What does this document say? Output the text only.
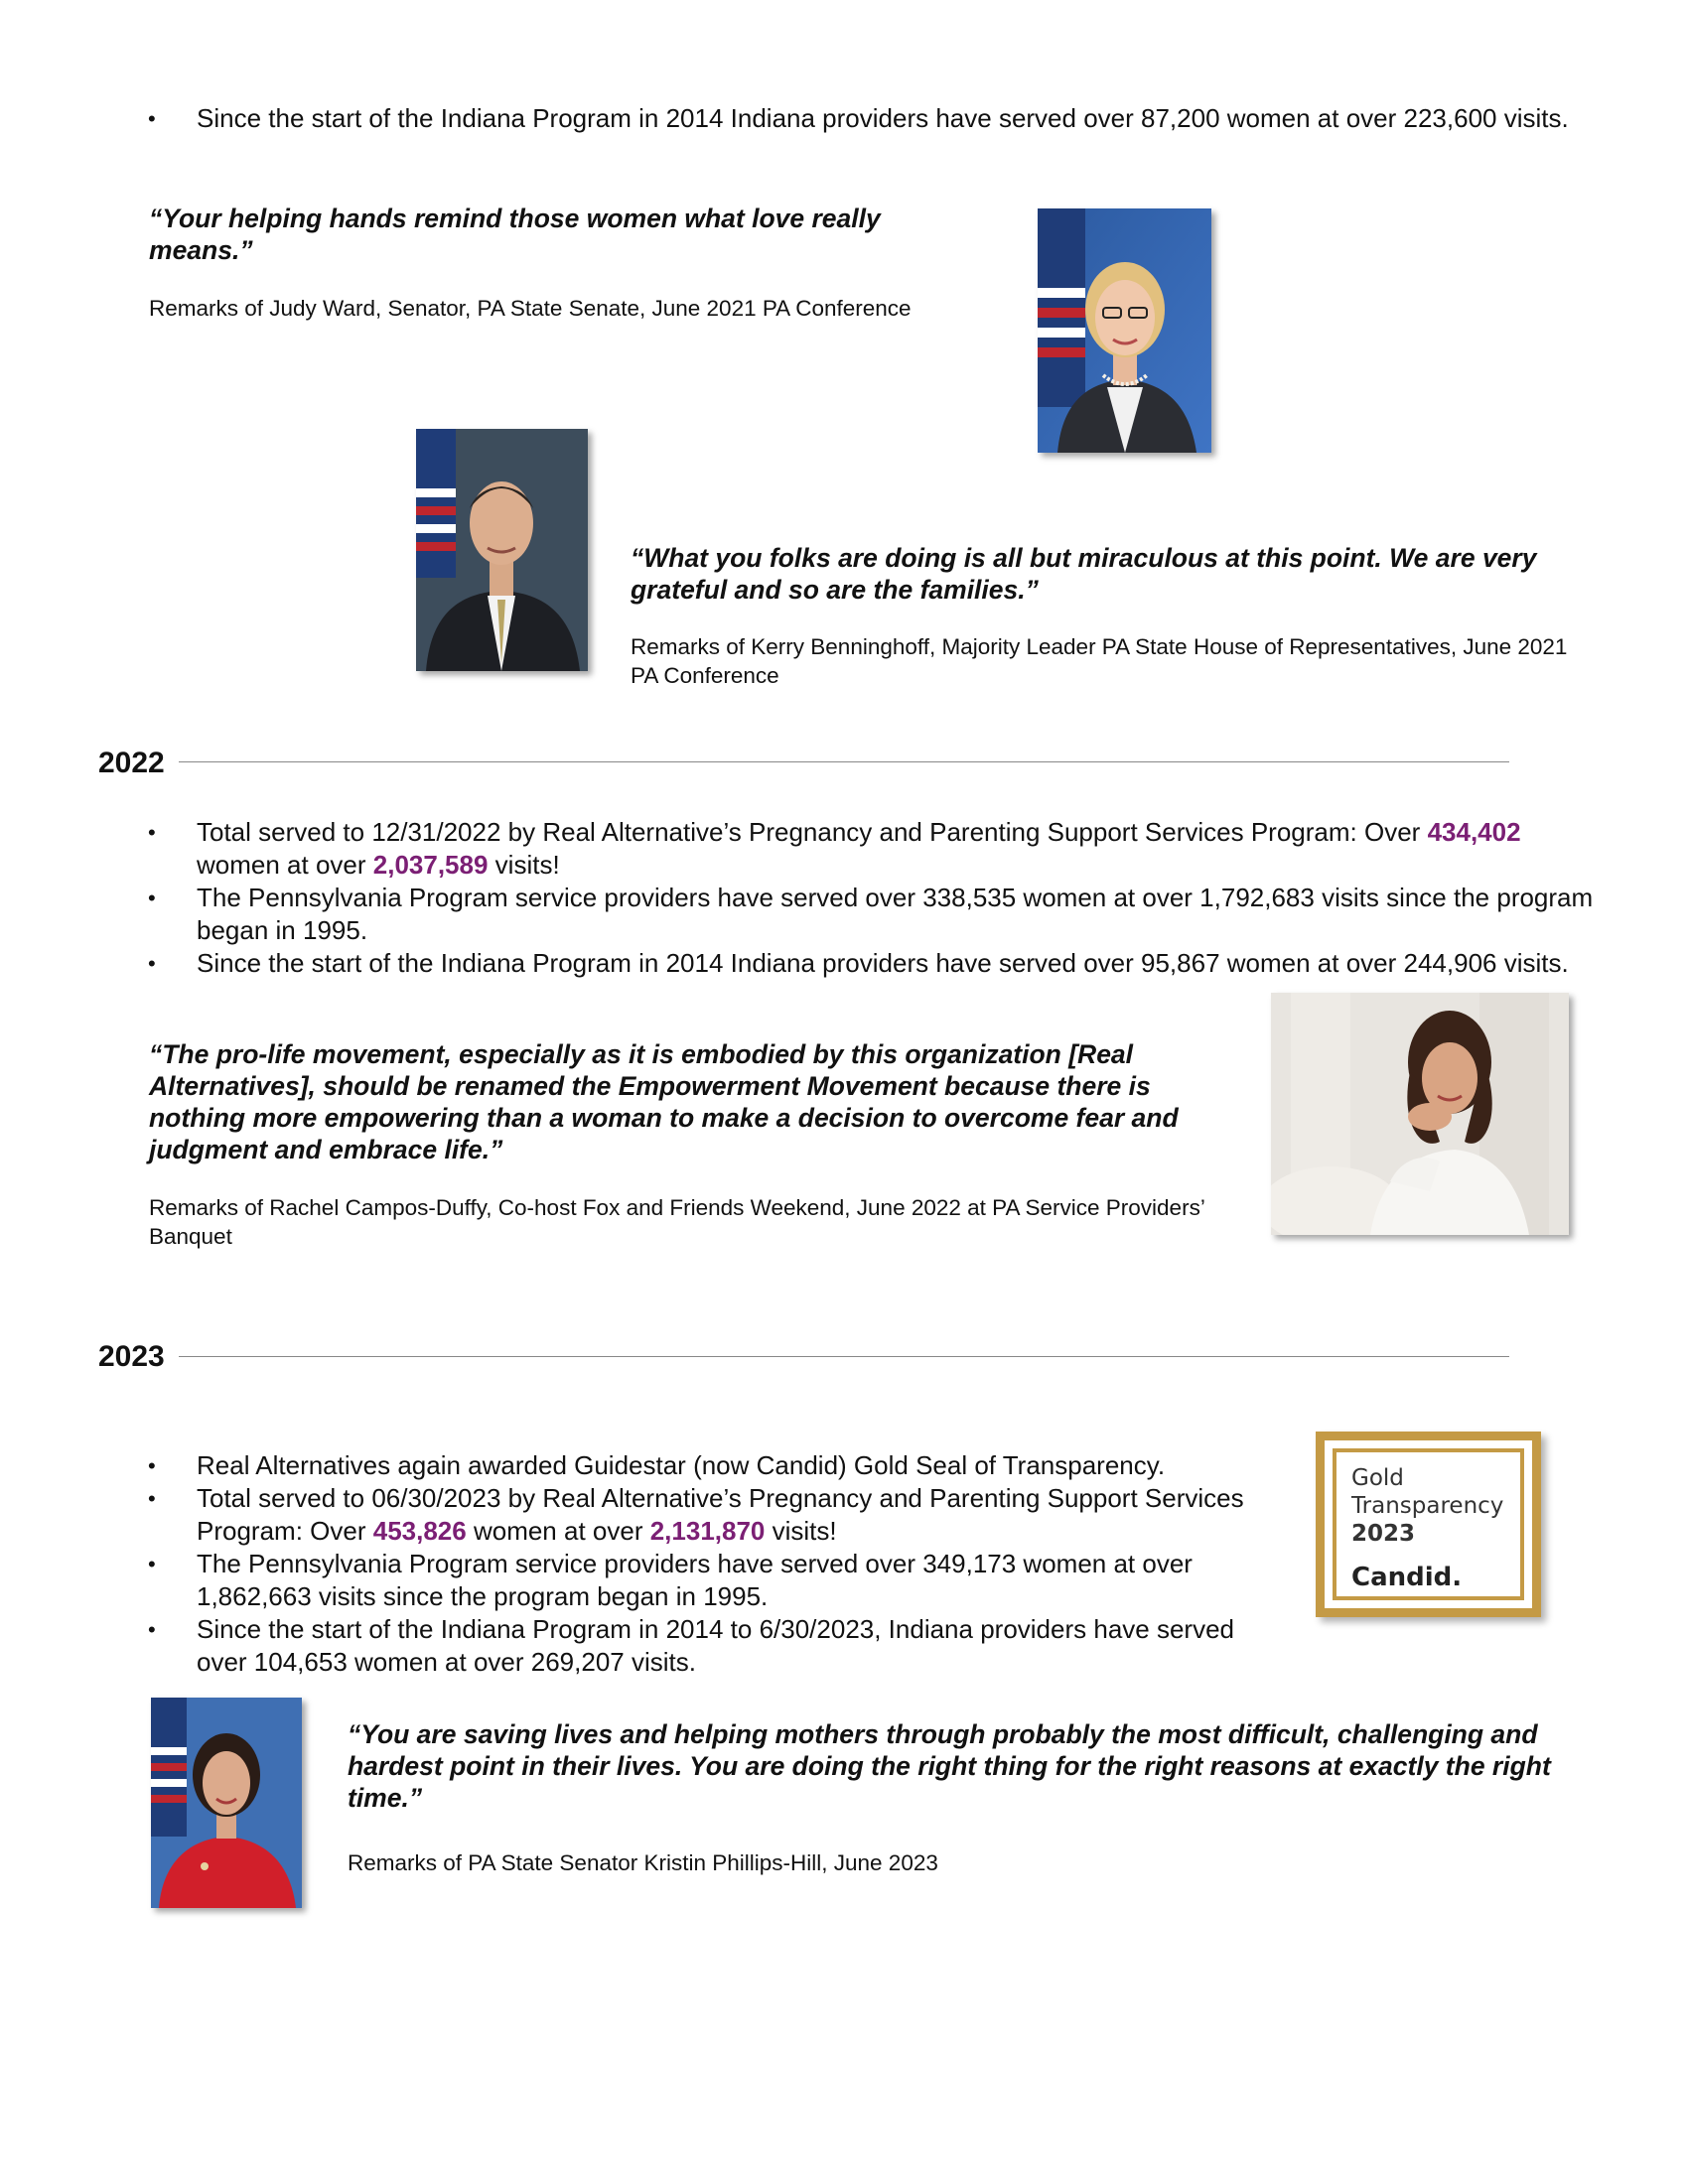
• Since the start of the Indiana Program in 2014 Indiana providers have served over 87,200 women at over 223,600 visits.

“Your helping hands remind those women what love really means.”

Remarks of Judy Ward, Senator, PA State Senate, June 2021 PA Conference

“What you folks are doing is all but miraculous at this point. We are very grateful and so are the families.”

Remarks of Kerry Benninghoff, Majority Leader PA State House of Representatives, June 2021 PA Conference

2022
• Total served to 12/31/2022 by Real Alternative’s Pregnancy and Parenting Support Services Program: Over 434,402 women at over 2,037,589 visits!
• The Pennsylvania Program service providers have served over 338,535 women at over 1,792,683 visits since the program began in 1995.
• Since the start of the Indiana Program in 2014 Indiana providers have served over 95,867 women at over 244,906 visits.

“The pro-life movement, especially as it is embodied by this organization [Real Alternatives], should be renamed the Empowerment Movement because there is nothing more empowering than a woman to make a decision to overcome fear and judgment and embrace life.”

Remarks of Rachel Campos-Duffy, Co-host Fox and Friends Weekend, June 2022 at PA Service Providers’ Banquet

2023
• Real Alternatives again awarded Guidestar (now Candid) Gold Seal of Transparency.
• Total served to 06/30/2023 by Real Alternative’s Pregnancy and Parenting Support Services Program: Over 453,826 women at over 2,131,870 visits!
• The Pennsylvania Program service providers have served over 349,173 women at over 1,862,663 visits since the program began in 1995.
• Since the start of the Indiana Program in 2014 to 6/30/2023, Indiana providers have served over 104,653 women at over 269,207 visits.
Gold
Transparency
2023
Candid.

“You are saving lives and helping mothers through probably the most difficult, challenging and hardest point in their lives. You are doing the right thing for the right reasons at exactly the right time.”

Remarks of PA State Senator Kristin Phillips-Hill, June 2023
